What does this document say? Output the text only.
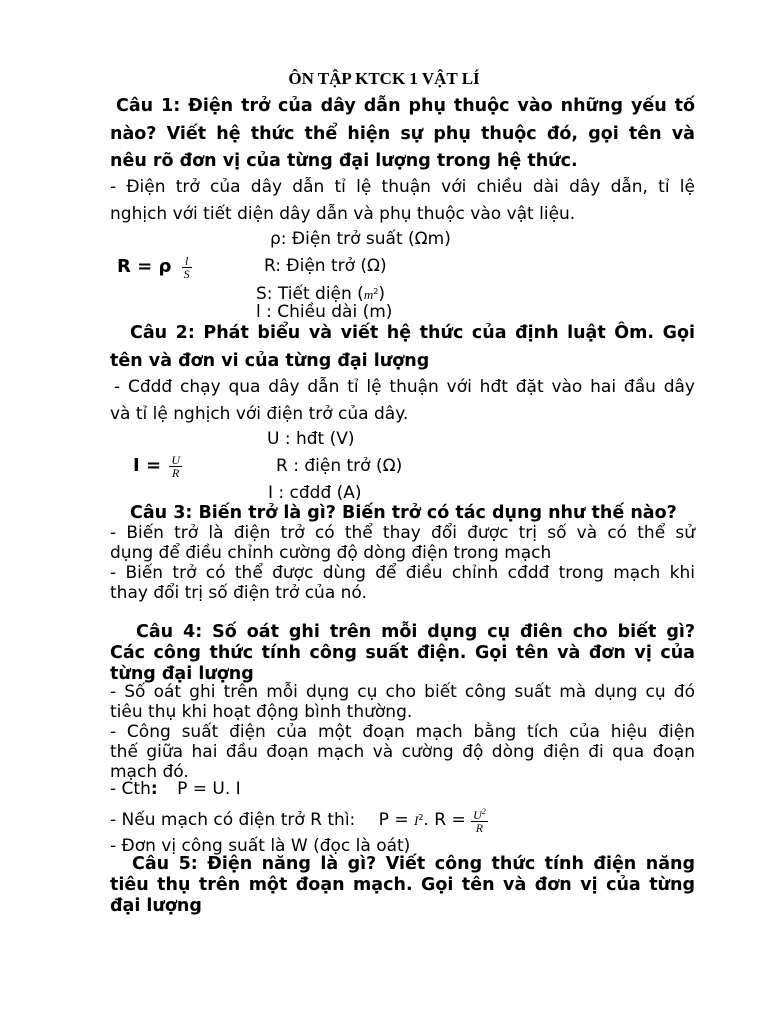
ÔN TẬP KTCK 1 VẬT LÍ
Câu 1: Điện trở của dây dẫn phụ thuộc vào những yếu tố
nào? Viết hệ thức thể hiện sự phụ thuộc đó, gọi tên và
nêu rõ đơn vị của từng đại lượng trong hệ thức.
- Điện trở của dây dẫn tỉ lệ thuận với chiều dài dây dẫn, tỉ lệ
nghịch với tiết diện dây dẫn và phụ thuộc vào vật liệu.
ρ: Điện trở suất (Ωm)
R = ρ $\frac{l}{S}$	R: Điện trở (Ω)
S: Tiết diện $(m^2)$
l : Chiều dài (m)
Câu 2: Phát biểu và viết hệ thức của định luật Ôm. Gọi
tên và đơn vi của từng đại lượng
- Cđdđ chạy qua dây dẫn tỉ lệ thuận với hđt đặt vào hai đầu dây
và tỉ lệ nghịch với điện trở của dây.
U : hđt (V)
$I = \frac{U}{R}$	R : điện trở (Ω)
I : cđdđ (A)
Câu 3: Biến trở là gì? Biến trở có tác dụng như thế nào?
- Biến trở là điện trở có thể thay đổi được trị số và có thể sử
dụng để điều chỉnh cường độ dòng điện trong mạch
- Biến trở có thể được dùng để điều chỉnh cđdđ trong mạch khi
thay đổi trị số điện trở của nó.
Câu 4: Số oát ghi trên mỗi dụng cụ điên cho biết gì?
Các công thức tính công suất điện. Gọi tên và đơn vị của
từng đại lượng
- Số oát ghi trên mỗi dụng cụ cho biết công suất mà dụng cụ đó
tiêu thụ khi hoạt động bình thường.
- Công suất điện của một đoạn mạch bằng tích của hiệu điện
thế giữa hai đầu đoạn mạch và cường độ dòng điện đi qua đoạn
mạch đó.
- Cth: P = U. I
- Nếu mạch có điện trở R thì: $P = I^2$. $R = \frac{U^2}{R}$
- Đơn vị công suất là W (đọc là oát)
Câu 5: Điện năng là gì? Viết công thức tính điện năng
tiêu thụ trên một đoạn mạch. Gọi tên và đơn vị của từng
đại lượng
